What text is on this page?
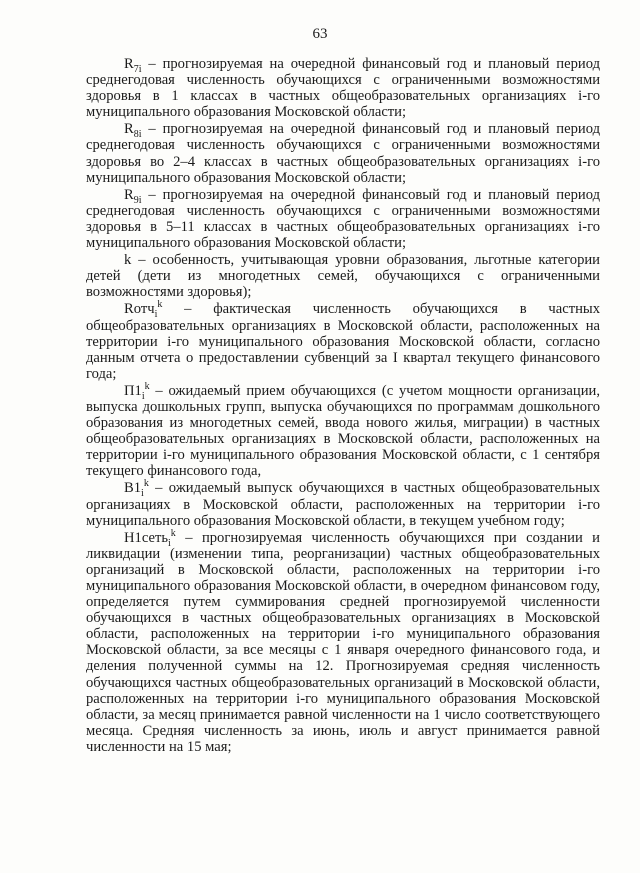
63

$R_{7i}$ – прогнозируемая на очередной финансовый год и плановый период среднегодовая численность обучающихся с ограниченными возможностями здоровья в 1 классах в частных общеобразовательных организациях i-го муниципального образования Московской области;

$R_{8i}$ – прогнозируемая на очередной финансовый год и плановый период среднегодовая численность обучающихся с ограниченными возможностями здоровья во 2–4 классах в частных общеобразовательных организациях i-го муниципального образования Московской области;

$R_{9i}$ – прогнозируемая на очередной финансовый год и плановый период среднегодовая численность обучающихся с ограниченными возможностями здоровья в 5–11 классах в частных общеобразовательных организациях i-го муниципального образования Московской области;

k – особенность, учитывающая уровни образования, льготные категории детей (дети из многодетных семей, обучающихся с ограниченными возможностями здоровья);

Rотч$_i^k$ – фактическая численность обучающихся в частных общеобразовательных организациях в Московской области, расположенных на территории i-го муниципального образования Московской области, согласно данным отчета о предоставлении субвенций за I квартал текущего финансового года;

$П1_i^k$ – ожидаемый прием обучающихся (с учетом мощности организации, выпуска дошкольных групп, выпуска обучающихся по программам дошкольного образования из многодетных семей, ввода нового жилья, миграции) в частных общеобразовательных организациях в Московской области, расположенных на территории i-го муниципального образования Московской области, с 1 сентября текущего финансового года,

$В1_i^k$ – ожидаемый выпуск обучающихся в частных общеобразовательных организациях в Московской области, расположенных на территории i-го муниципального образования Московской области, в текущем учебном году;

Н1сеть$_i^k$ – прогнозируемая численность обучающихся при создании и ликвидации (изменении типа, реорганизации) частных общеобразовательных организаций в Московской области, расположенных на территории i-го муниципального образования Московской области, в очередном финансовом году, определяется путем суммирования средней прогнозируемой численности обучающихся в частных общеобразовательных организациях в Московской области, расположенных на территории i-го муниципального образования Московской области, за все месяцы с 1 января очередного финансового года, и деления полученной суммы на 12. Прогнозируемая средняя численность обучающихся частных общеобразовательных организаций в Московской области, расположенных на территории i-го муниципального образования Московской области, за месяц принимается равной численности на 1 число соответствующего месяца. Средняя численность за июнь, июль и август принимается равной численности на 15 мая;
